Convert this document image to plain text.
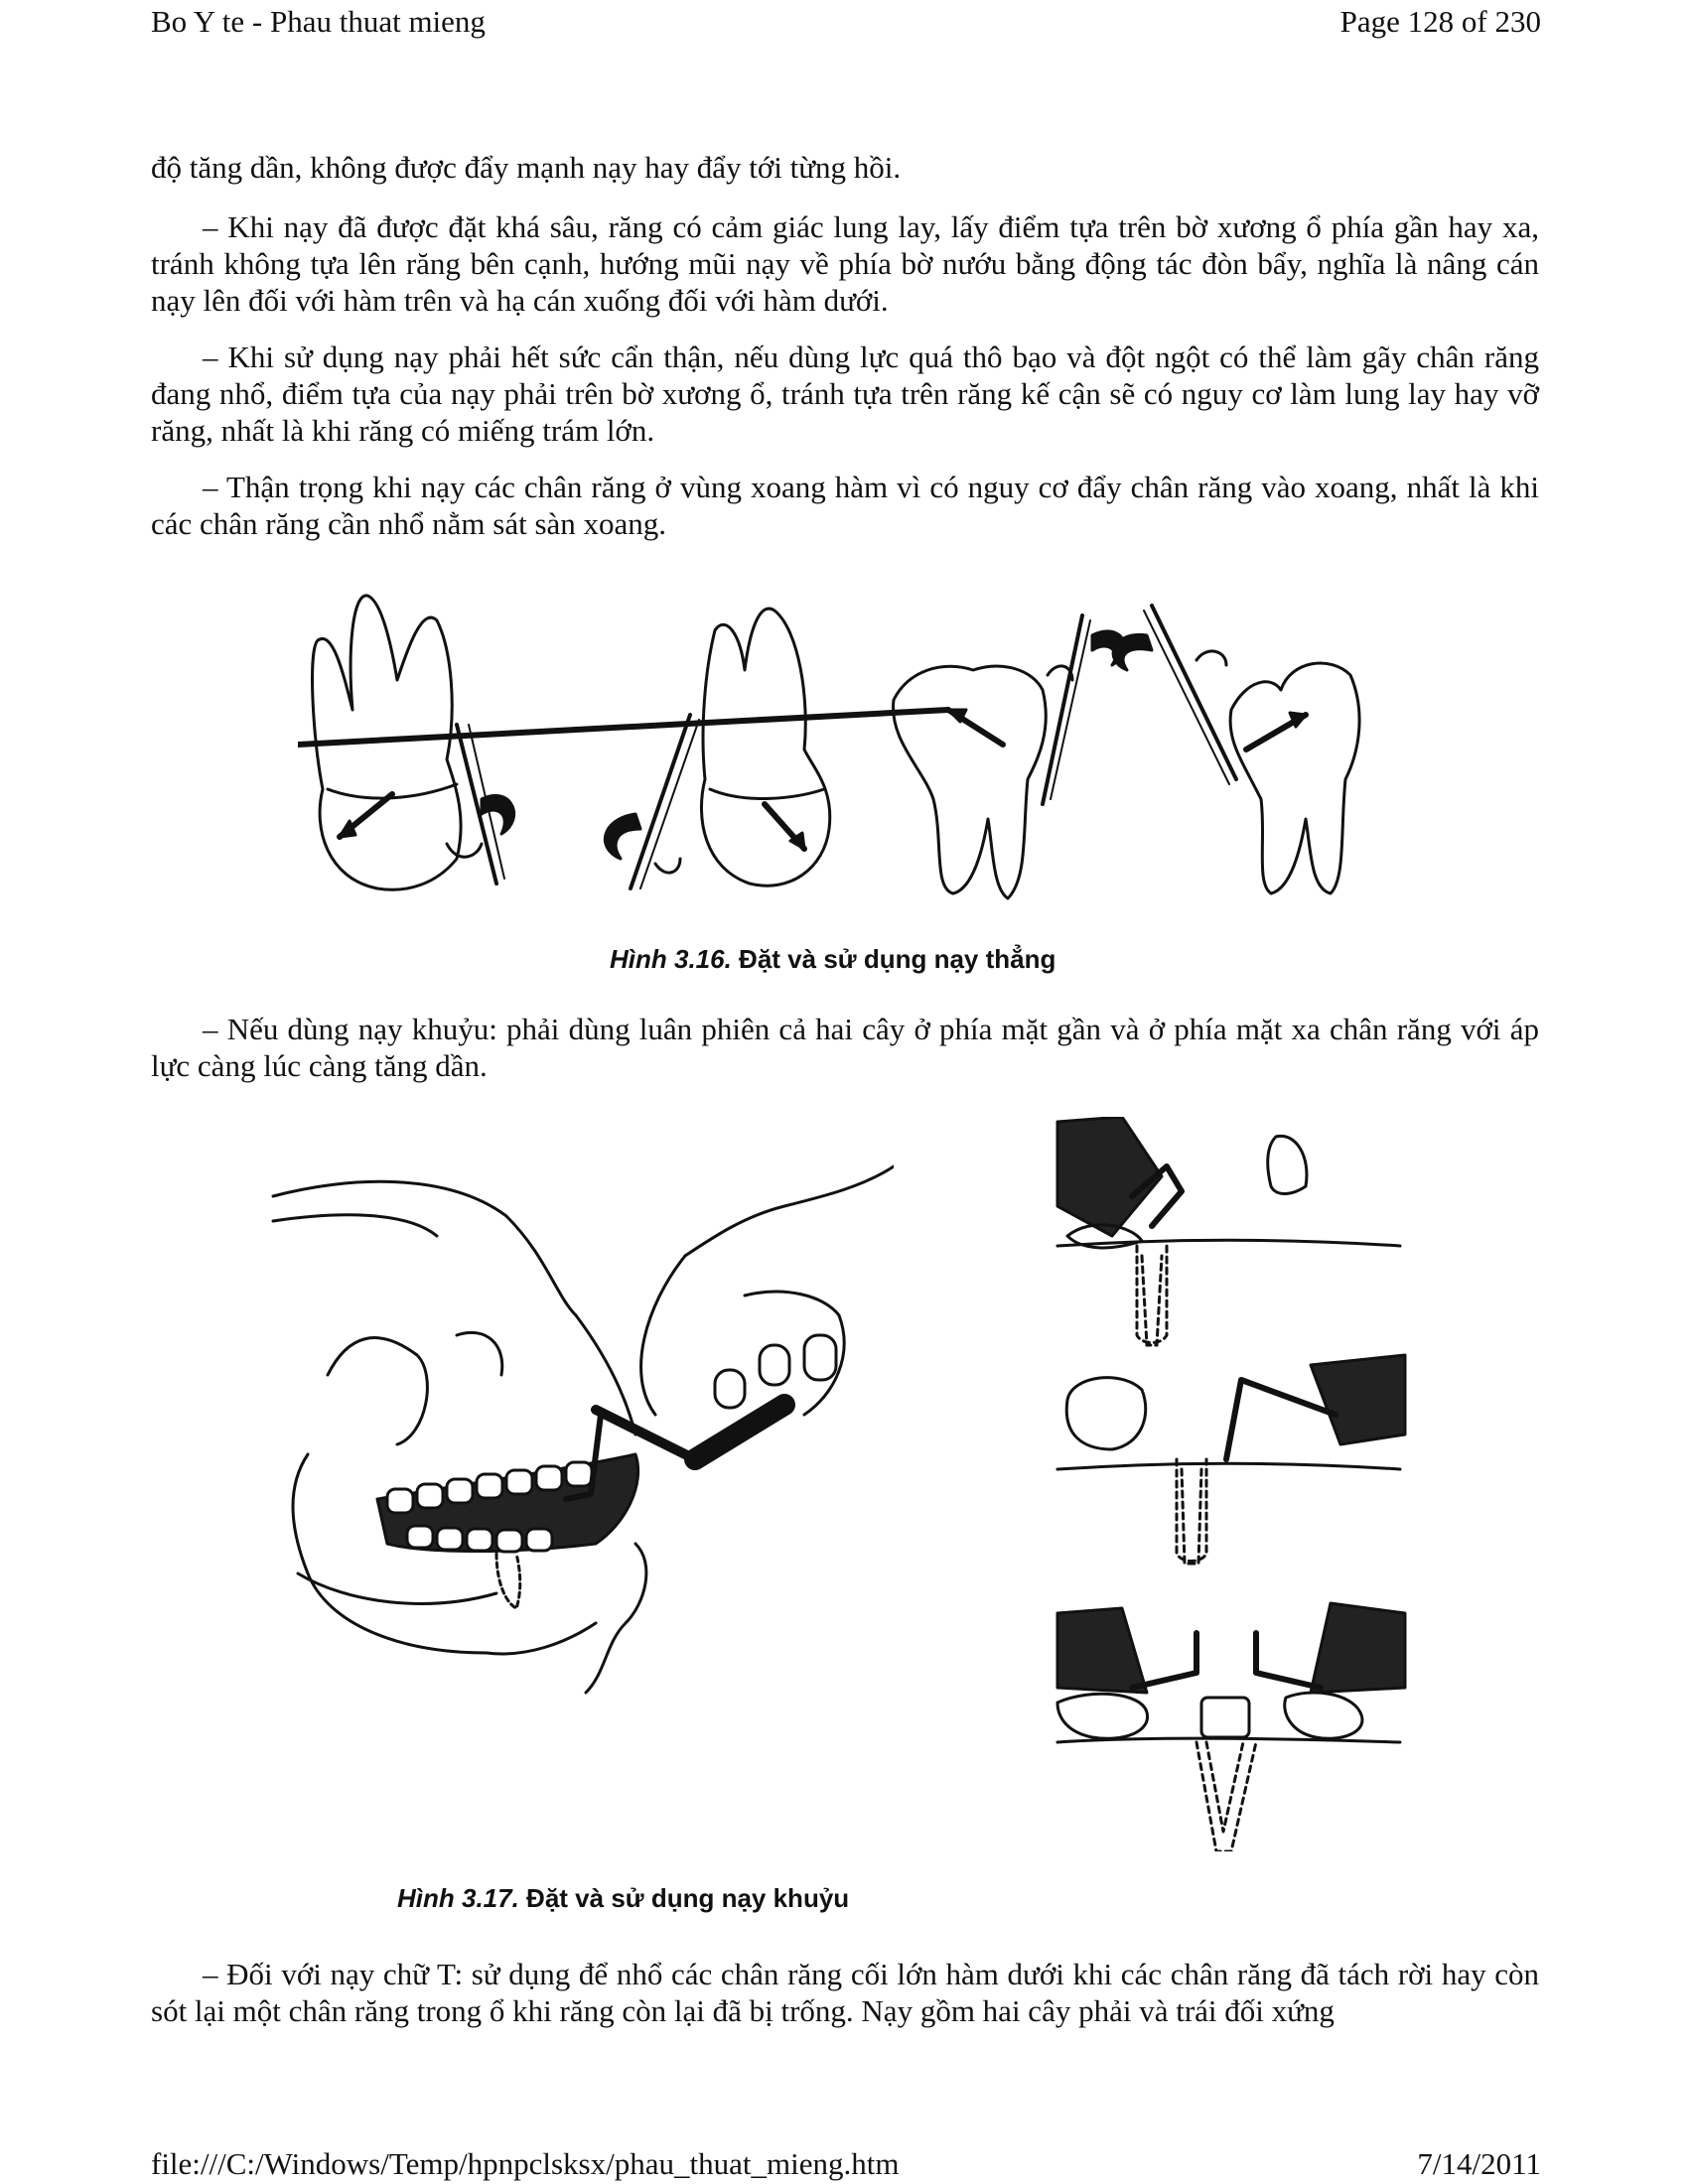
Bo Y te - Phau thuat mieng	Page 128 of 230
độ tăng dần, không được đẩy mạnh nạy hay đẩy tới từng hồi.
– Khi nạy đã được đặt khá sâu, răng có cảm giác lung lay, lấy điểm tựa trên bờ xương ổ phía gần hay xa, tránh không tựa lên răng bên cạnh, hướng mũi nạy về phía bờ nướu bằng động tác đòn bẩy, nghĩa là nâng cán nạy lên đối với hàm trên và hạ cán xuống đối với hàm dưới.
– Khi sử dụng nạy phải hết sức cẩn thận, nếu dùng lực quá thô bạo và đột ngột có thể làm gãy chân răng đang nhổ, điểm tựa của nạy phải trên bờ xương ổ, tránh tựa trên răng kế cận sẽ có nguy cơ làm lung lay hay vỡ răng, nhất là khi răng có miếng trám lớn.
– Thận trọng khi nạy các chân răng ở vùng xoang hàm vì có nguy cơ đẩy chân răng vào xoang, nhất là khi các chân răng cần nhổ nằm sát sàn xoang.
Hình 3.16. Đặt và sử dụng nạy thẳng
– Nếu dùng nạy khuỷu: phải dùng luân phiên cả hai cây ở phía mặt gần và ở phía mặt xa chân răng với áp lực càng lúc càng tăng dần.
Hình 3.17. Đặt và sử dụng nạy khuỷu
– Đối với nạy chữ T: sử dụng để nhổ các chân răng cối lớn hàm dưới khi các chân răng đã tách rời hay còn sót lại một chân răng trong ổ khi răng còn lại đã bị trống. Nạy gồm hai cây phải và trái đối xứng
file:///C:/Windows/Temp/hpnpclsksx/phau_thuat_mieng.htm	7/14/2011
